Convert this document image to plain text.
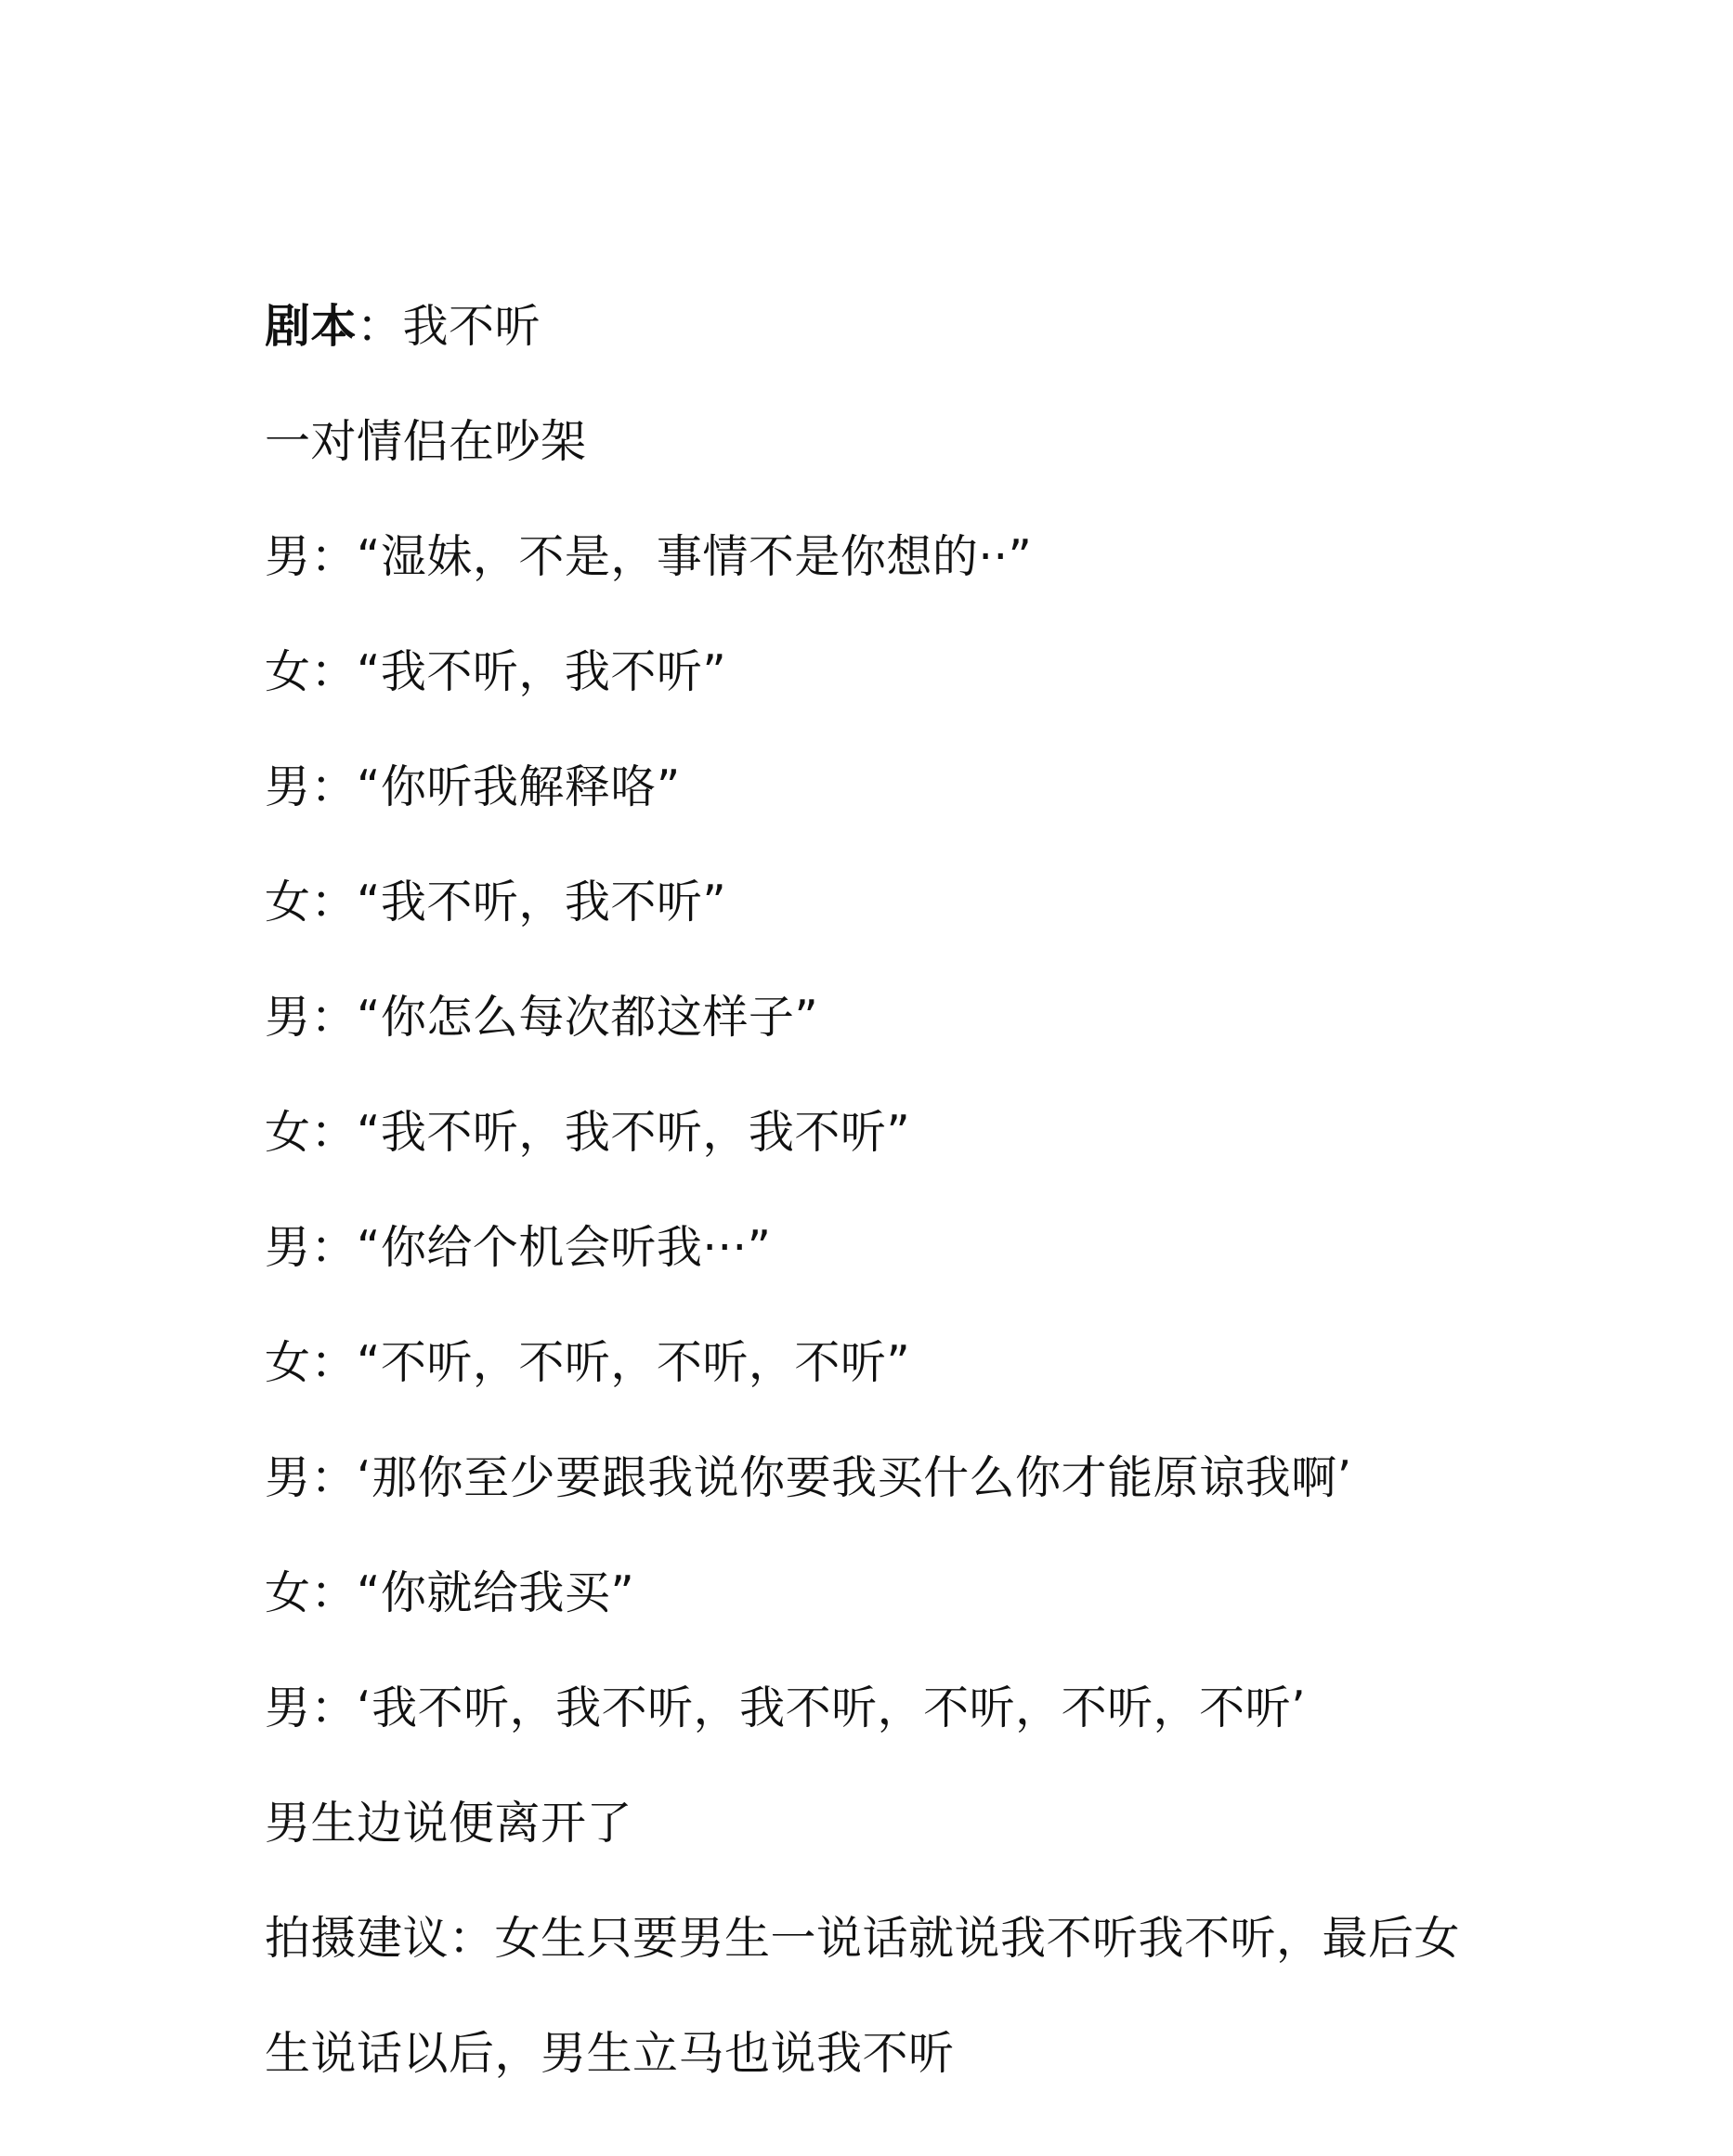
剧本：我不听
一对情侣在吵架
男：“湿妹，不是，事情不是你想的··”
女：“我不听，我不听”
男：“你听我解释咯”
女：“我不听，我不听”
男：“你怎么每次都这样子”
女：“我不听，我不听，我不听”
男：“你给个机会听我···”
女：“不听，不听，不听，不听”
男：‘那你至少要跟我说你要我买什么你才能原谅我啊’
女：“你就给我买”
男：‘我不听，我不听，我不听，不听，不听，不听’
男生边说便离开了
拍摄建议：女生只要男生一说话就说我不听我不听，最后女
生说话以后，男生立马也说我不听
